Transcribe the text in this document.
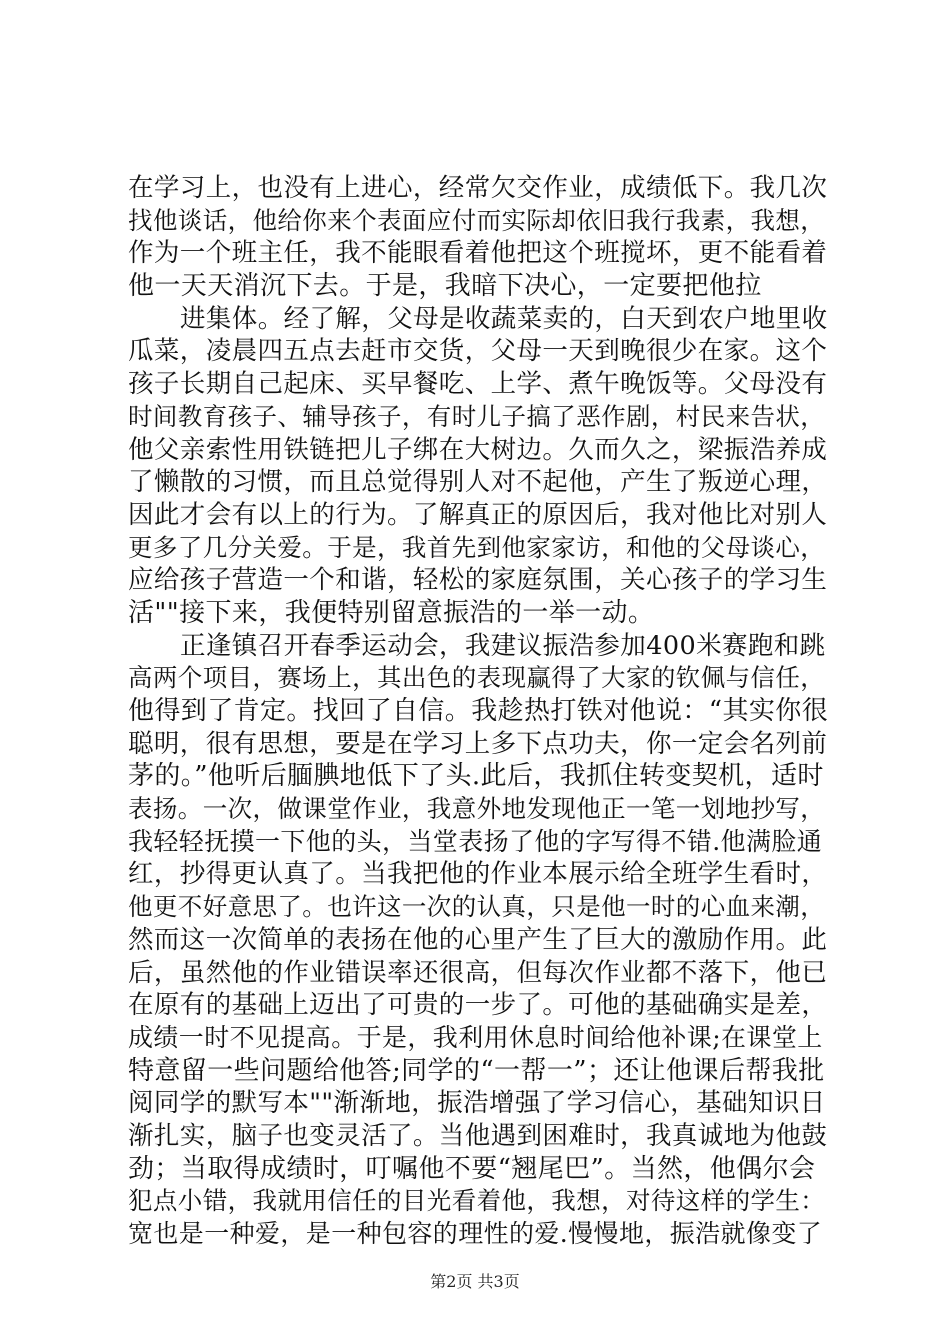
在学习上，也没有上进心，经常欠交作业，成绩低下。我几次
找他谈话，他给你来个表面应付而实际却依旧我行我素，我想，
作为一个班主任，我不能眼看着他把这个班搅坏，更不能看着
他一天天消沉下去。于是，我暗下决心，一定要把他拉
进集体。经了解，父母是收蔬菜卖的，白天到农户地里收
瓜菜，凌晨四五点去赶市交货，父母一天到晚很少在家。这个
孩子长期自己起床、买早餐吃、上学、煮午晚饭等。父母没有
时间教育孩子、辅导孩子，有时儿子搞了恶作剧，村民来告状，
他父亲索性用铁链把儿子绑在大树边。久而久之，梁振浩养成
了懒散的习惯，而且总觉得别人对不起他，产生了叛逆心理，
因此才会有以上的行为。了解真正的原因后，我对他比对别人
更多了几分关爱。于是，我首先到他家家访，和他的父母谈心，
应给孩子营造一个和谐，轻松的家庭氛围，关心孩子的学习生
活""接下来，我便特别留意振浩的一举一动。
正逢镇召开春季运动会，我建议振浩参加400米赛跑和跳
高两个项目，赛场上，其出色的表现赢得了大家的钦佩与信任，
他得到了肯定。找回了自信。我趁热打铁对他说：“其实你很
聪明，很有思想，要是在学习上多下点功夫，你一定会名列前
茅的。”他听后腼腆地低下了头.此后，我抓住转变契机，适时
表扬。一次，做课堂作业，我意外地发现他正一笔一划地抄写，
我轻轻抚摸一下他的头，当堂表扬了他的字写得不错.他满脸通
红，抄得更认真了。当我把他的作业本展示给全班学生看时，
他更不好意思了。也许这一次的认真，只是他一时的心血来潮，
然而这一次简单的表扬在他的心里产生了巨大的激励作用。此
后，虽然他的作业错误率还很高，但每次作业都不落下，他已
在原有的基础上迈出了可贵的一步了。可他的基础确实是差，
成绩一时不见提高。于是，我利用休息时间给他补课;在课堂上
特意留一些问题给他答;同学的“一帮一”；还让他课后帮我批
阅同学的默写本""渐渐地，振浩增强了学习信心，基础知识日
渐扎实，脑子也变灵活了。当他遇到困难时，我真诚地为他鼓
劲；当取得成绩时，叮嘱他不要“翘尾巴”。当然，他偶尔会
犯点小错，我就用信任的目光看着他，我想，对待这样的学生：
宽也是一种爱，是一种包容的理性的爱.慢慢地，振浩就像变了
第2页 共3页
